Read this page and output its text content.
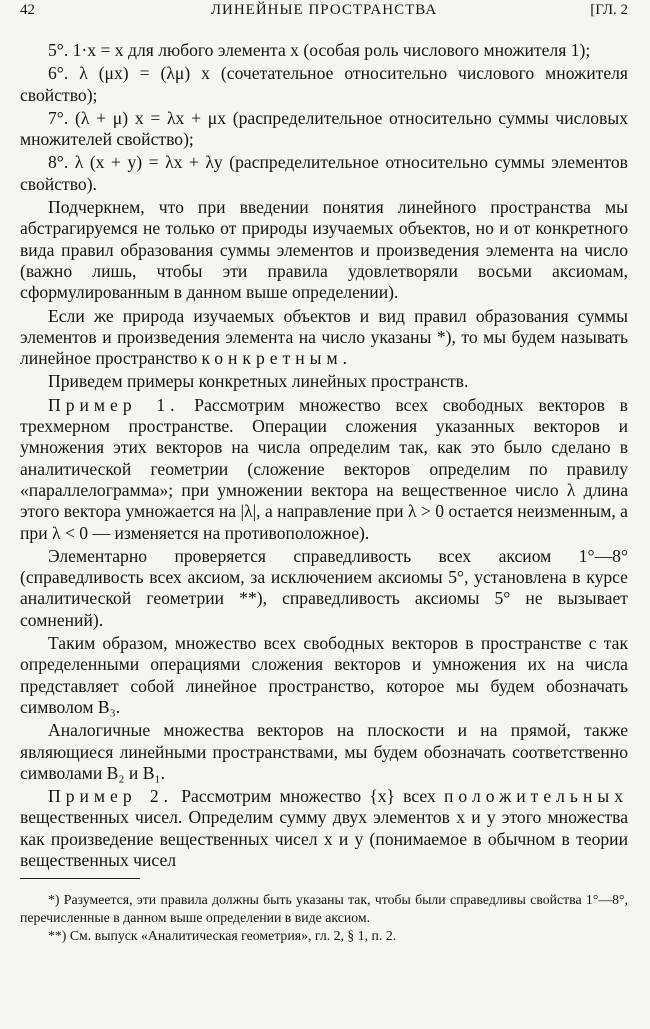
42	ЛИНЕЙНЫЕ ПРОСТРАНСТВА	[ГЛ. 2

5°. 1·x = x для любого элемента x (особая роль числового множителя 1);

6°. λ (μx) = (λμ) x (сочетательное относительно числового множителя свойство);

7°. (λ + μ) x = λx + μx (распределительное относительно суммы числовых множителей свойство);

8°. λ (x + y) = λx + λy (распределительное относительно суммы элементов свойство).

Подчеркнем, что при введении понятия линейного пространства мы абстрагируемся не только от природы изучаемых объектов, но и от конкретного вида правил образования суммы элементов и произведения элемента на число (важно лишь, чтобы эти правила удовлетворяли восьми аксиомам, сформулированным в данном выше определении).

Если же природа изучаемых объектов и вид правил образования суммы элементов и произведения элемента на число указаны *), то мы будем называть линейное пространство конкретным.

Приведем примеры конкретных линейных пространств.

Пример 1. Рассмотрим множество всех свободных векторов в трехмерном пространстве. Операции сложения указанных векторов и умножения этих векторов на числа определим так, как это было сделано в аналитической геометрии (сложение векторов определим по правилу «параллелограмма»; при умножении вектора на вещественное число λ длина этого вектора умножается на |λ|, а направление при λ > 0 остается неизменным, а при λ < 0 — изменяется на противоположное).

Элементарно проверяется справедливость всех аксиом 1°—8° (справедливость всех аксиом, за исключением аксиомы 5°, установлена в курсе аналитической геометрии **), справедливость аксиомы 5° не вызывает сомнений).

Таким образом, множество всех свободных векторов в пространстве с так определенными операциями сложения векторов и умножения их на числа представляет собой линейное пространство, которое мы будем обозначать символом B₃.

Аналогичные множества векторов на плоскости и на прямой, также являющиеся линейными пространствами, мы будем обозначать соответственно символами B₂ и B₁.

Пример 2. Рассмотрим множество {x} всех положительных вещественных чисел. Определим сумму двух элементов x и y этого множества как произведение вещественных чисел x и y (понимаемое в обычном в теории вещественных чисел

*) Разумеется, эти правила должны быть указаны так, чтобы были справедливы свойства 1°—8°, перечисленные в данном выше определении в виде аксиом.

**) См. выпуск «Аналитическая геометрия», гл. 2, § 1, п. 2.
